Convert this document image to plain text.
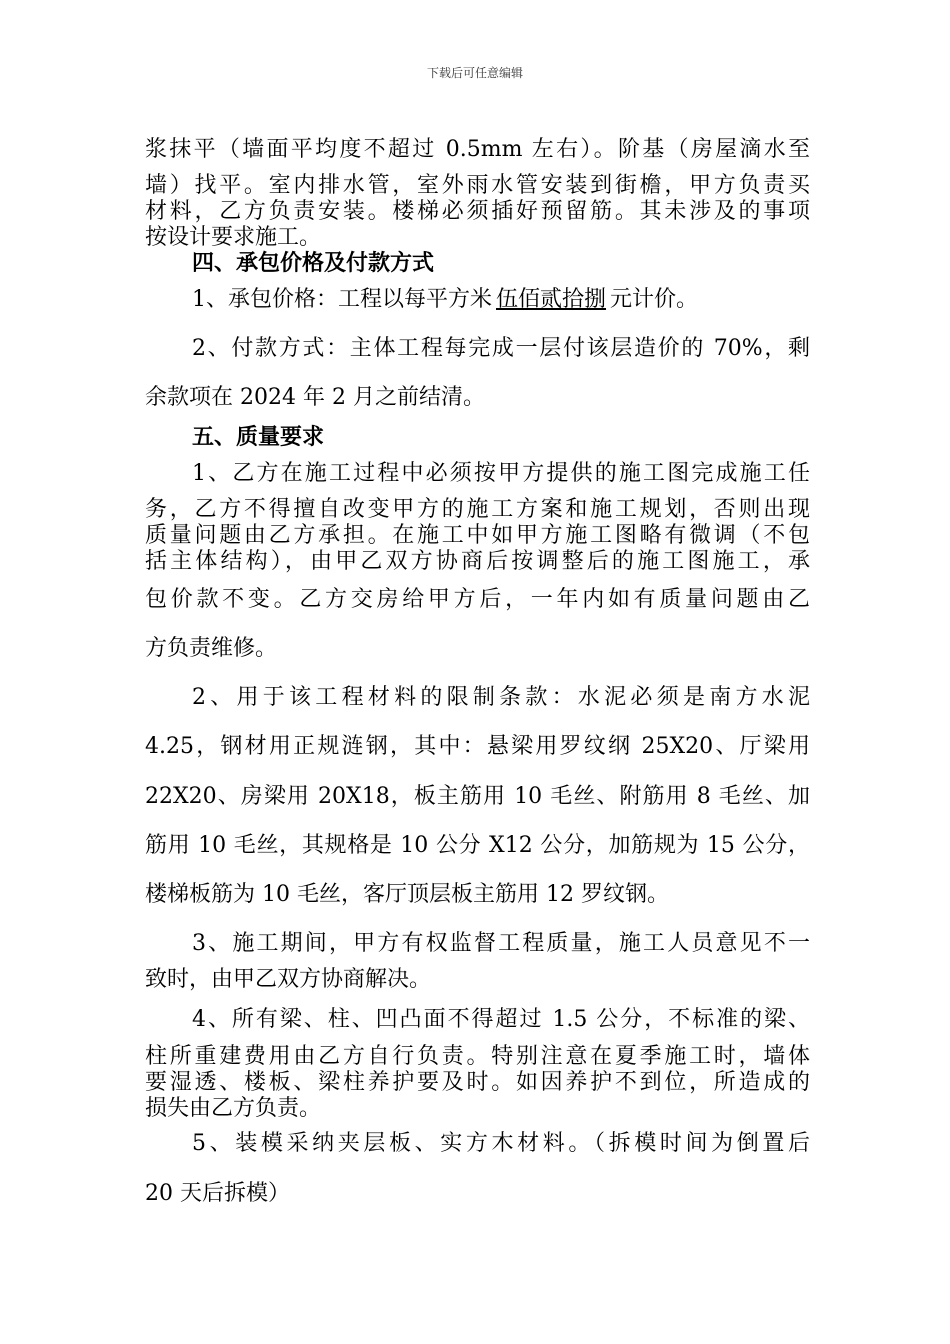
下载后可任意编辑
浆抹平（墙面平均度不超过 0.5mm 左右）。阶基（房屋滴水至
墙）找平。室内排水管，室外雨水管安装到街檐，甲方负责买
材料，乙方负责安装。楼梯必须插好预留筋。其未涉及的事项
按设计要求施工。
四、承包价格及付款方式
1、承包价格：工程以每平方米 伍佰贰拾捌 元计价。
2、付款方式：主体工程每完成一层付该层造价的 70%，剩
余款项在 2024 年 2 月之前结清。
五、质量要求
1、乙方在施工过程中必须按甲方提供的施工图完成施工任
务，乙方不得擅自改变甲方的施工方案和施工规划，否则出现
质量问题由乙方承担。在施工中如甲方施工图略有微调（不包
括主体结构），由甲乙双方协商后按调整后的施工图施工，承
包价款不变。乙方交房给甲方后，一年内如有质量问题由乙
方负责维修。
2、用于该工程材料的限制条款：水泥必须是南方水泥
4.25，钢材用正规涟钢，其中：悬梁用罗纹纲 25X20、厅梁用
22X20、房梁用 20X18，板主筋用 10 毛丝、附筋用 8 毛丝、加
筋用 10 毛丝，其规格是 10 公分 X12 公分，加筋规为 15 公分，
楼梯板筋为 10 毛丝，客厅顶层板主筋用 12 罗纹钢。
3、施工期间，甲方有权监督工程质量，施工人员意见不一
致时，由甲乙双方协商解决。
4、所有梁、柱、凹凸面不得超过 1.5 公分，不标准的梁、
柱所重建费用由乙方自行负责。特别注意在夏季施工时，墙体
要湿透、楼板、梁柱养护要及时。如因养护不到位，所造成的
损失由乙方负责。
5、装模采纳夹层板、实方木材料。（拆模时间为倒置后
20 天后拆模）
